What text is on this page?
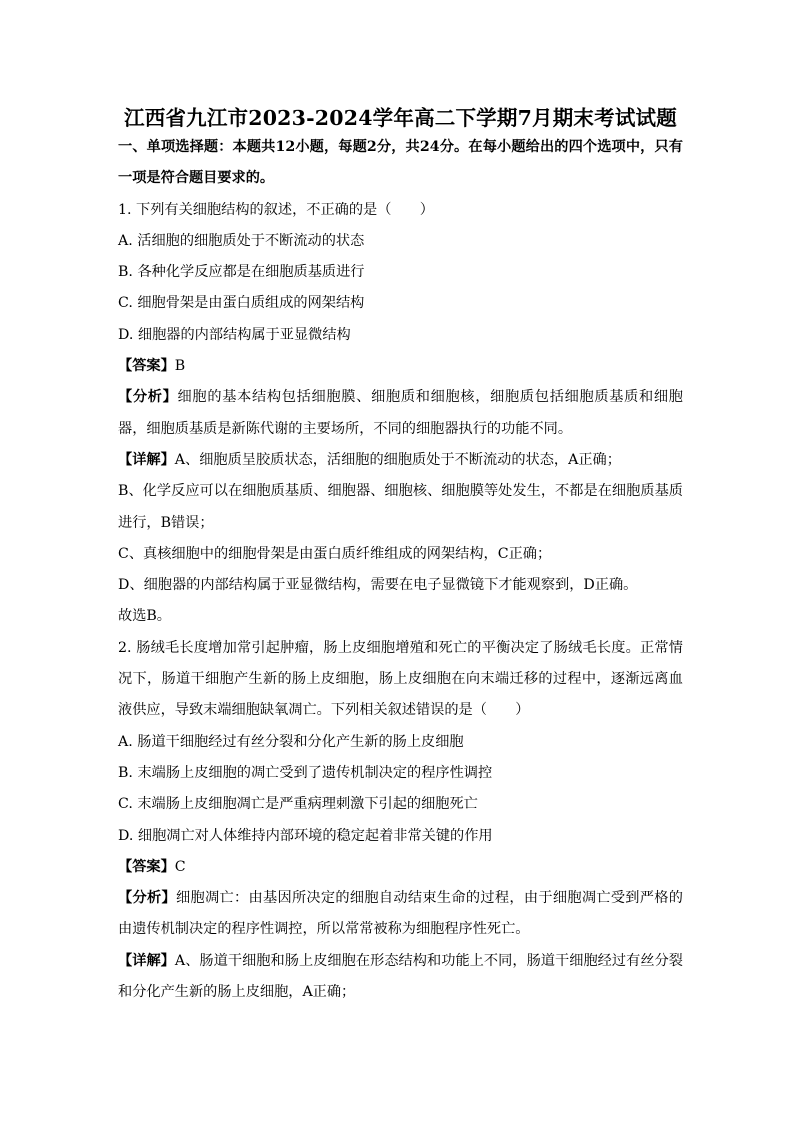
江西省九江市2023-2024学年高二下学期7月期末考试试题

一、单项选择题：本题共12小题，每题2分，共24分。在每小题给出的四个选项中，只有一项是符合题目要求的。

1. 下列有关细胞结构的叙述，不正确的是（　　）

A. 活细胞的细胞质处于不断流动的状态

B. 各种化学反应都是在细胞质基质进行

C. 细胞骨架是由蛋白质组成的网架结构

D. 细胞器的内部结构属于亚显微结构

【答案】B

【分析】细胞的基本结构包括细胞膜、细胞质和细胞核，细胞质包括细胞质基质和细胞器，细胞质基质是新陈代谢的主要场所，不同的细胞器执行的功能不同。

【详解】A、细胞质呈胶质状态，活细胞的细胞质处于不断流动的状态，A正确；

B、化学反应可以在细胞质基质、细胞器、细胞核、细胞膜等处发生，不都是在细胞质基质进行，B错误；

C、真核细胞中的细胞骨架是由蛋白质纤维组成的网架结构，C正确；

D、细胞器的内部结构属于亚显微结构，需要在电子显微镜下才能观察到，D正确。

故选B。

2. 肠绒毛长度增加常引起肿瘤，肠上皮细胞增殖和死亡的平衡决定了肠绒毛长度。正常情况下，肠道干细胞产生新的肠上皮细胞，肠上皮细胞在向末端迁移的过程中，逐渐远离血液供应，导致末端细胞缺氧凋亡。下列相关叙述错误的是（　　）

A. 肠道干细胞经过有丝分裂和分化产生新的肠上皮细胞

B. 末端肠上皮细胞的凋亡受到了遗传机制决定的程序性调控

C. 末端肠上皮细胞凋亡是严重病理刺激下引起的细胞死亡

D. 细胞凋亡对人体维持内部环境的稳定起着非常关键的作用

【答案】C

【分析】细胞凋亡：由基因所决定的细胞自动结束生命的过程，由于细胞凋亡受到严格的由遗传机制决定的程序性调控，所以常常被称为细胞程序性死亡。

【详解】A、肠道干细胞和肠上皮细胞在形态结构和功能上不同，肠道干细胞经过有丝分裂和分化产生新的肠上皮细胞，A正确；
